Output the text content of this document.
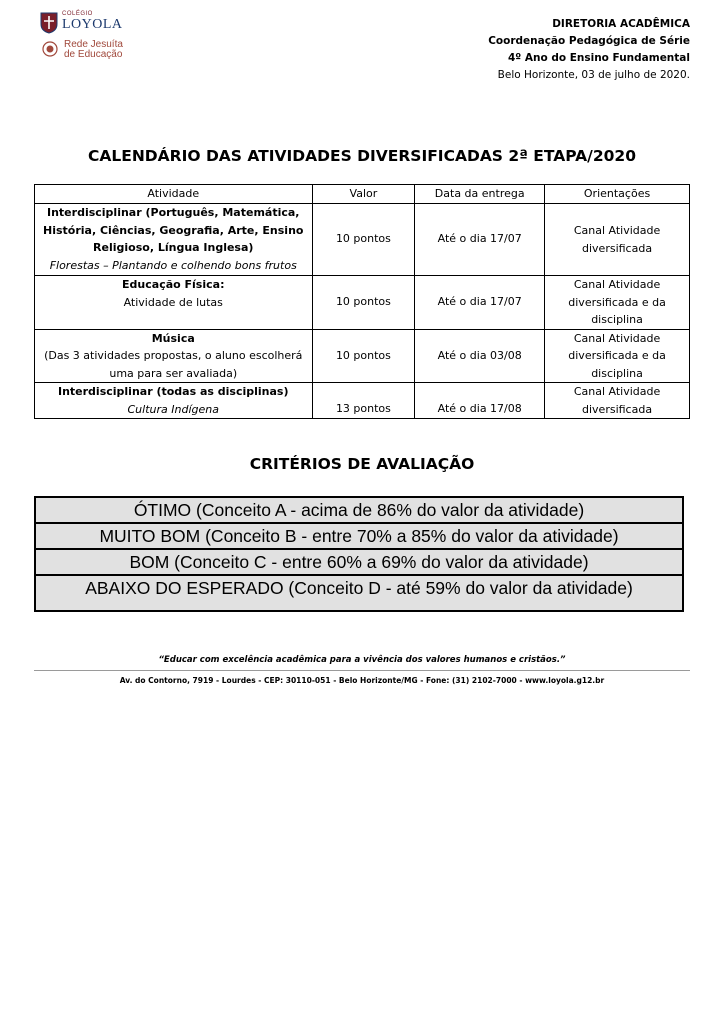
COLÉGIO
LOYOLA
Rede Jesuíta
de Educação
DIRETORIA ACADÊMICA
Coordenação Pedagógica de Série
4º Ano do Ensino Fundamental
Belo Horizonte, 03 de julho de 2020.
CALENDÁRIO DAS ATIVIDADES DIVERSIFICADAS 2ª ETAPA/2020
Atividade	Valor	Data da entrega	Orientações

Interdisciplinar (Português, Matemática, História, Ciências, Geografia, Arte, Ensino Religioso, Língua Inglesa)
Florestas – Plantando e colhendo bons frutos	10 pontos	Até o dia 17/07	Canal Atividade diversificada

Educação Física:
Atividade de lutas	10 pontos	Até o dia 17/07	Canal Atividade diversificada e da disciplina

Música
(Das 3 atividades propostas, o aluno escolherá uma para ser avaliada)	10 pontos	Até o dia 03/08	Canal Atividade diversificada e da disciplina

Interdisciplinar (todas as disciplinas)
Cultura Indígena	13 pontos	Até o dia 17/08	Canal Atividade diversificada
CRITÉRIOS DE AVALIAÇÃO
ÓTIMO (Conceito A - acima de 86% do valor da atividade)
MUITO BOM (Conceito B - entre 70% a 85% do valor da atividade)
BOM (Conceito C - entre 60% a 69% do valor da atividade)
ABAIXO DO ESPERADO (Conceito D - até 59% do valor da atividade)
“Educar com excelência acadêmica para a vivência dos valores humanos e cristãos.”
Av. do Contorno, 7919 - Lourdes - CEP: 30110-051 - Belo Horizonte/MG - Fone: (31) 2102-7000 - www.loyola.g12.br
